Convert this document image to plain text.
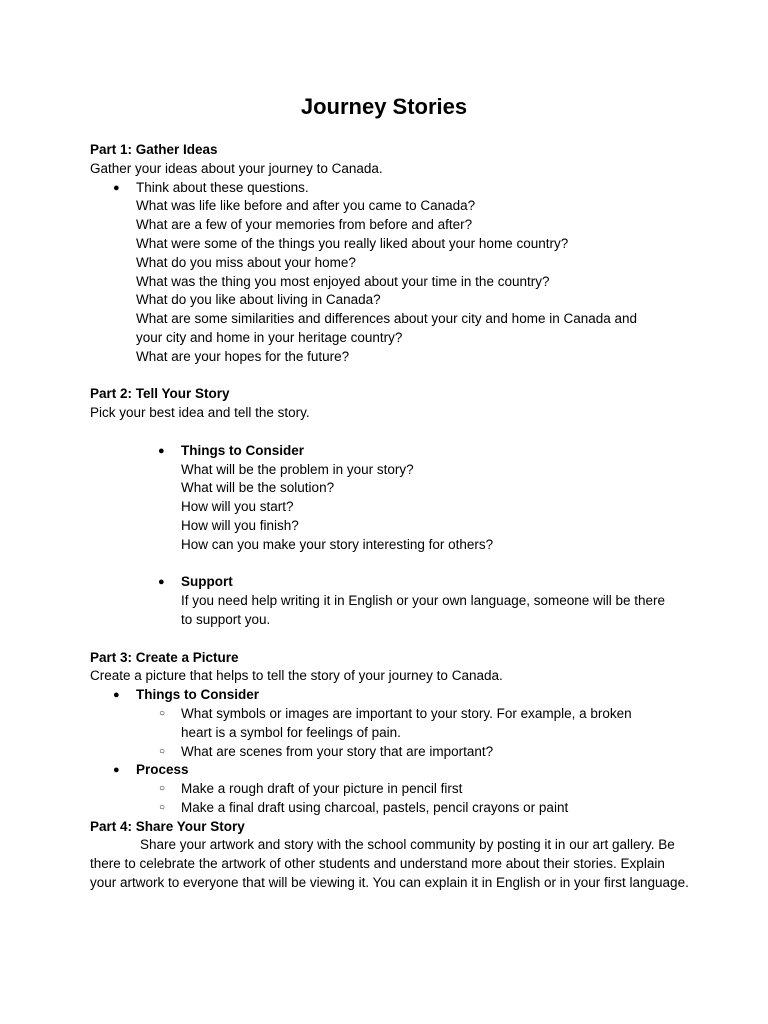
Journey Stories
Part 1: Gather Ideas
Gather your ideas about your journey to Canada.
● Think about these questions.
What was life like before and after you came to Canada?
What are a few of your memories from before and after?
What were some of the things you really liked about your home country?
What do you miss about your home?
What was the thing you most enjoyed about your time in the country?
What do you like about living in Canada?
What are some similarities and differences about your city and home in Canada and
your city and home in your heritage country?
What are your hopes for the future?
Part 2: Tell Your Story
Pick your best idea and tell the story.
● Things to Consider
What will be the problem in your story?
What will be the solution?
How will you start?
How will you finish?
How can you make your story interesting for others?
● Support
If you need help writing it in English or your own language, someone will be there
to support you.
Part 3: Create a Picture
Create a picture that helps to tell the story of your journey to Canada.
● Things to Consider
○ What symbols or images are important to your story. For example, a broken
heart is a symbol for feelings of pain.
○ What are scenes from your story that are important?
● Process
○ Make a rough draft of your picture in pencil first
○ Make a final draft using charcoal, pastels, pencil crayons or paint
Part 4: Share Your Story
Share your artwork and story with the school community by posting it in our art gallery. Be there to celebrate the artwork of other students and understand more about their stories. Explain your artwork to everyone that will be viewing it. You can explain it in English or in your first language.
